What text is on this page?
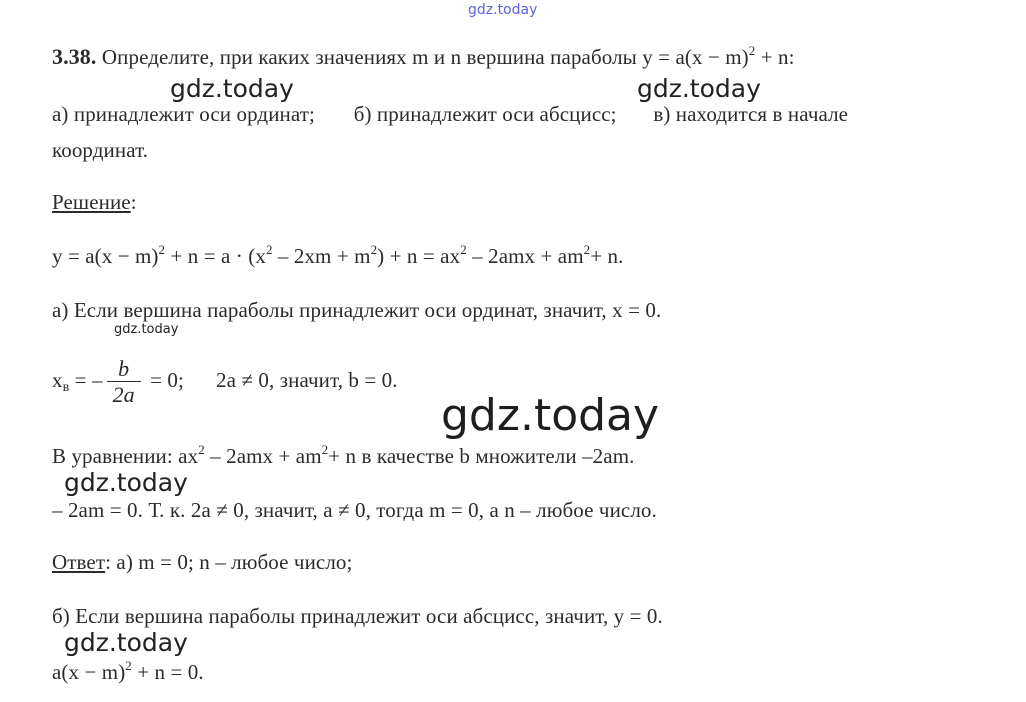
gdz.today
gdz.today	gdz.today
gdz.today
gdz.today
gdz.today
gdz.today
3.38. Определите, при каких значениях m и n вершина параболы $y = a(x - m)^2 + n$:
а) принадлежит оси ординат; б) принадлежит оси абсцисс; в) находится в начале
координат.
Решение:
$y = a(x - m)^2 + n = a \cdot (x^2 - 2xm + m^2) + n = ax^2 - 2amx + am^2+ n$.
а) Если вершина параболы принадлежит оси ординат, значит, x = 0.
$x_в$ = – $\frac{b}{2a} = 0$;      2a ≠ 0, значит, b = 0.
В уравнении: $ax^2 - 2amx + am^2+ n$ в качестве b множители –2am.
– 2am = 0. Т. к. 2a ≠ 0, значит, a ≠ 0, тогда m = 0, а n – любое число.
Ответ: а) m = 0; n – любое число;
б) Если вершина параболы принадлежит оси абсцисс, значит, y = 0.
$a(x - m)^2 + n = 0$.
